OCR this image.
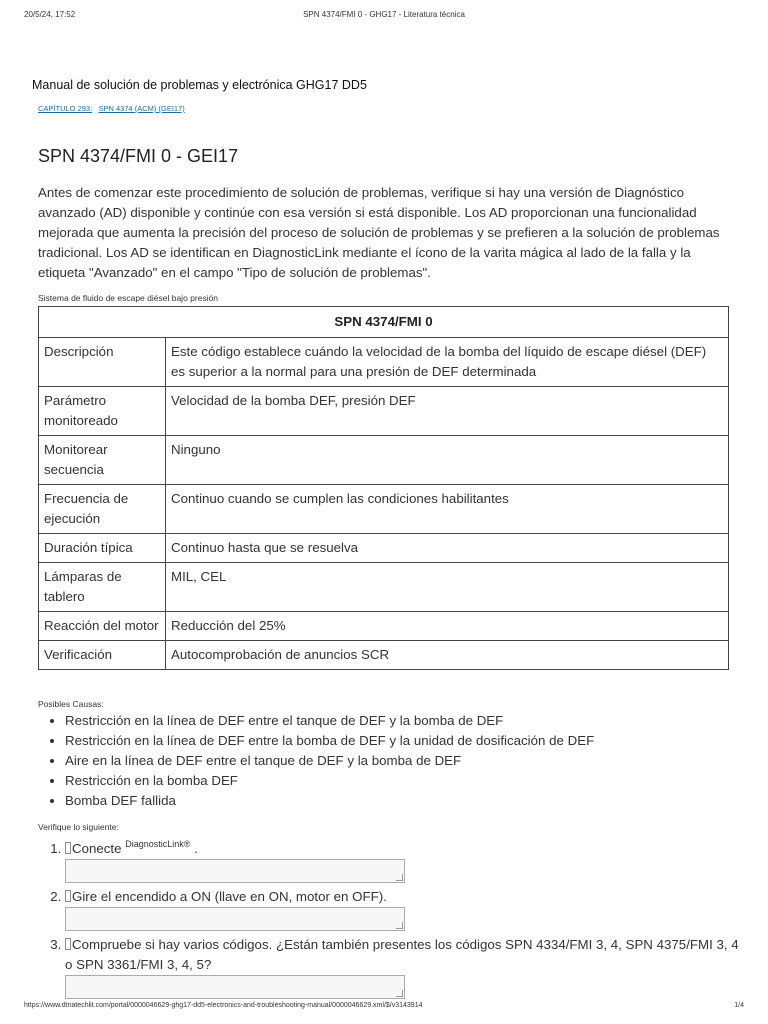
20/5/24, 17:52	SPN 4374/FMI 0 - GHG17 - Literatura técnica
Manual de solución de problemas y electrónica GHG17 DD5
CAPÍTULO 293: SPN 4374 (ACM) (GEI17)
SPN 4374/FMI 0 - GEI17

Antes de comenzar este procedimiento de solución de problemas, verifique si hay una versión de Diagnóstico avanzado (AD) disponible y continúe con esa versión si está disponible. Los AD proporcionan una funcionalidad mejorada que aumenta la precisión del proceso de solución de problemas y se prefieren a la solución de problemas tradicional. Los AD se identifican en DiagnosticLink mediante el ícono de la varita mágica al lado de la falla y la etiqueta "Avanzado" en el campo "Tipo de solución de problemas".

Sistema de fluido de escape diésel bajo presión
SPN 4374/FMI 0	
Descripción	Este código establece cuándo la velocidad de la bomba del líquido de escape diésel (DEF) es superior a la normal para una presión de DEF determinada
Parámetro monitoreado	Velocidad de la bomba DEF, presión DEF
Monitorear secuencia	Ninguno
Frecuencia de ejecución	Continuo cuando se cumplen las condiciones habilitantes
Duración típica	Continuo hasta que se resuelva
Lámparas de tablero	MIL, CEL
Reacción del motor	Reducción del 25%
Verificación	Autocomprobación de anuncios SCR
Posibles Causas:
• Restricción en la línea de DEF entre el tanque de DEF y la bomba de DEF
• Restricción en la línea de DEF entre la bomba de DEF y la unidad de dosificación de DEF
• Aire en la línea de DEF entre el tanque de DEF y la bomba de DEF
• Restricción en la bomba DEF
• Bomba DEF fallida
Verifique lo siguiente:
1. Conecte $^{DiagnosticLink®}$ .
2. Gire el encendido a ON (llave en ON, motor en OFF).
3. Compruebe si hay varios códigos. ¿Están también presentes los códigos SPN 4334/FMI 3, 4, SPN 4375/FMI 3, 4 o SPN 3361/FMI 3, 4, 5?
https://www.dtnatechlit.com/portal/0000046629-ghg17-dd5-electronics-and-troubleshooting-manual/0000046629.xml/$/v3143914	1/4
